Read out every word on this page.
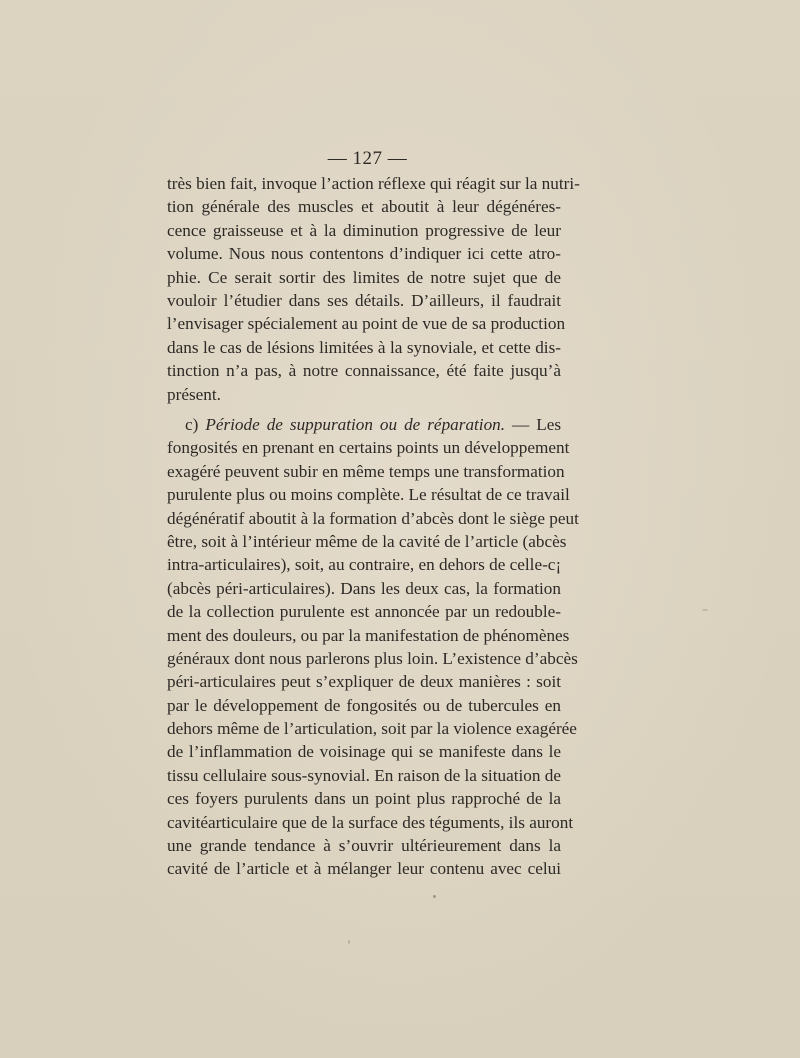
— 127 —
très bien fait, invoque l’action réflexe qui réagit sur la nutri-
tion générale des muscles et aboutit à leur dégénéres-
cence graisseuse et à la diminution progressive de leur
volume. Nous nous contentons d’indiquer ici cette atro-
phie. Ce serait sortir des limites de notre sujet que de
vouloir l’étudier dans ses détails. D’ailleurs, il faudrait
l’envisager spécialement au point de vue de sa production
dans le cas de lésions limitées à la synoviale, et cette dis-
tinction n’a pas, à notre connaissance, été faite jusqu’à
présent.
c) Période de suppuration ou de réparation. — Les
fongosités en prenant en certains points un développement
exagéré peuvent subir en même temps une transformation
purulente plus ou moins complète. Le résultat de ce travail
dégénératif aboutit à la formation d’abcès dont le siège peut
être, soit à l’intérieur même de la cavité de l’article (abcès
intra-articulaires), soit, au contraire, en dehors de celle-c¡
(abcès péri-articulaires). Dans les deux cas, la formation
de la collection purulente est annoncée par un redouble-
ment des douleurs, ou par la manifestation de phénomènes
généraux dont nous parlerons plus loin. L’existence d’abcès
péri-articulaires peut s’expliquer de deux manières : soit
par le développement de fongosités ou de tubercules en
dehors même de l’articulation, soit par la violence exagérée
de l’inflammation de voisinage qui se manifeste dans le
tissu cellulaire sous-synovial. En raison de la situation de
ces foyers purulents dans un point plus rapproché de la
cavitéarticulaire que de la surface des téguments, ils auront
une grande tendance à s’ouvrir ultérieurement dans la
cavité de l’article et à mélanger leur contenu avec celui
